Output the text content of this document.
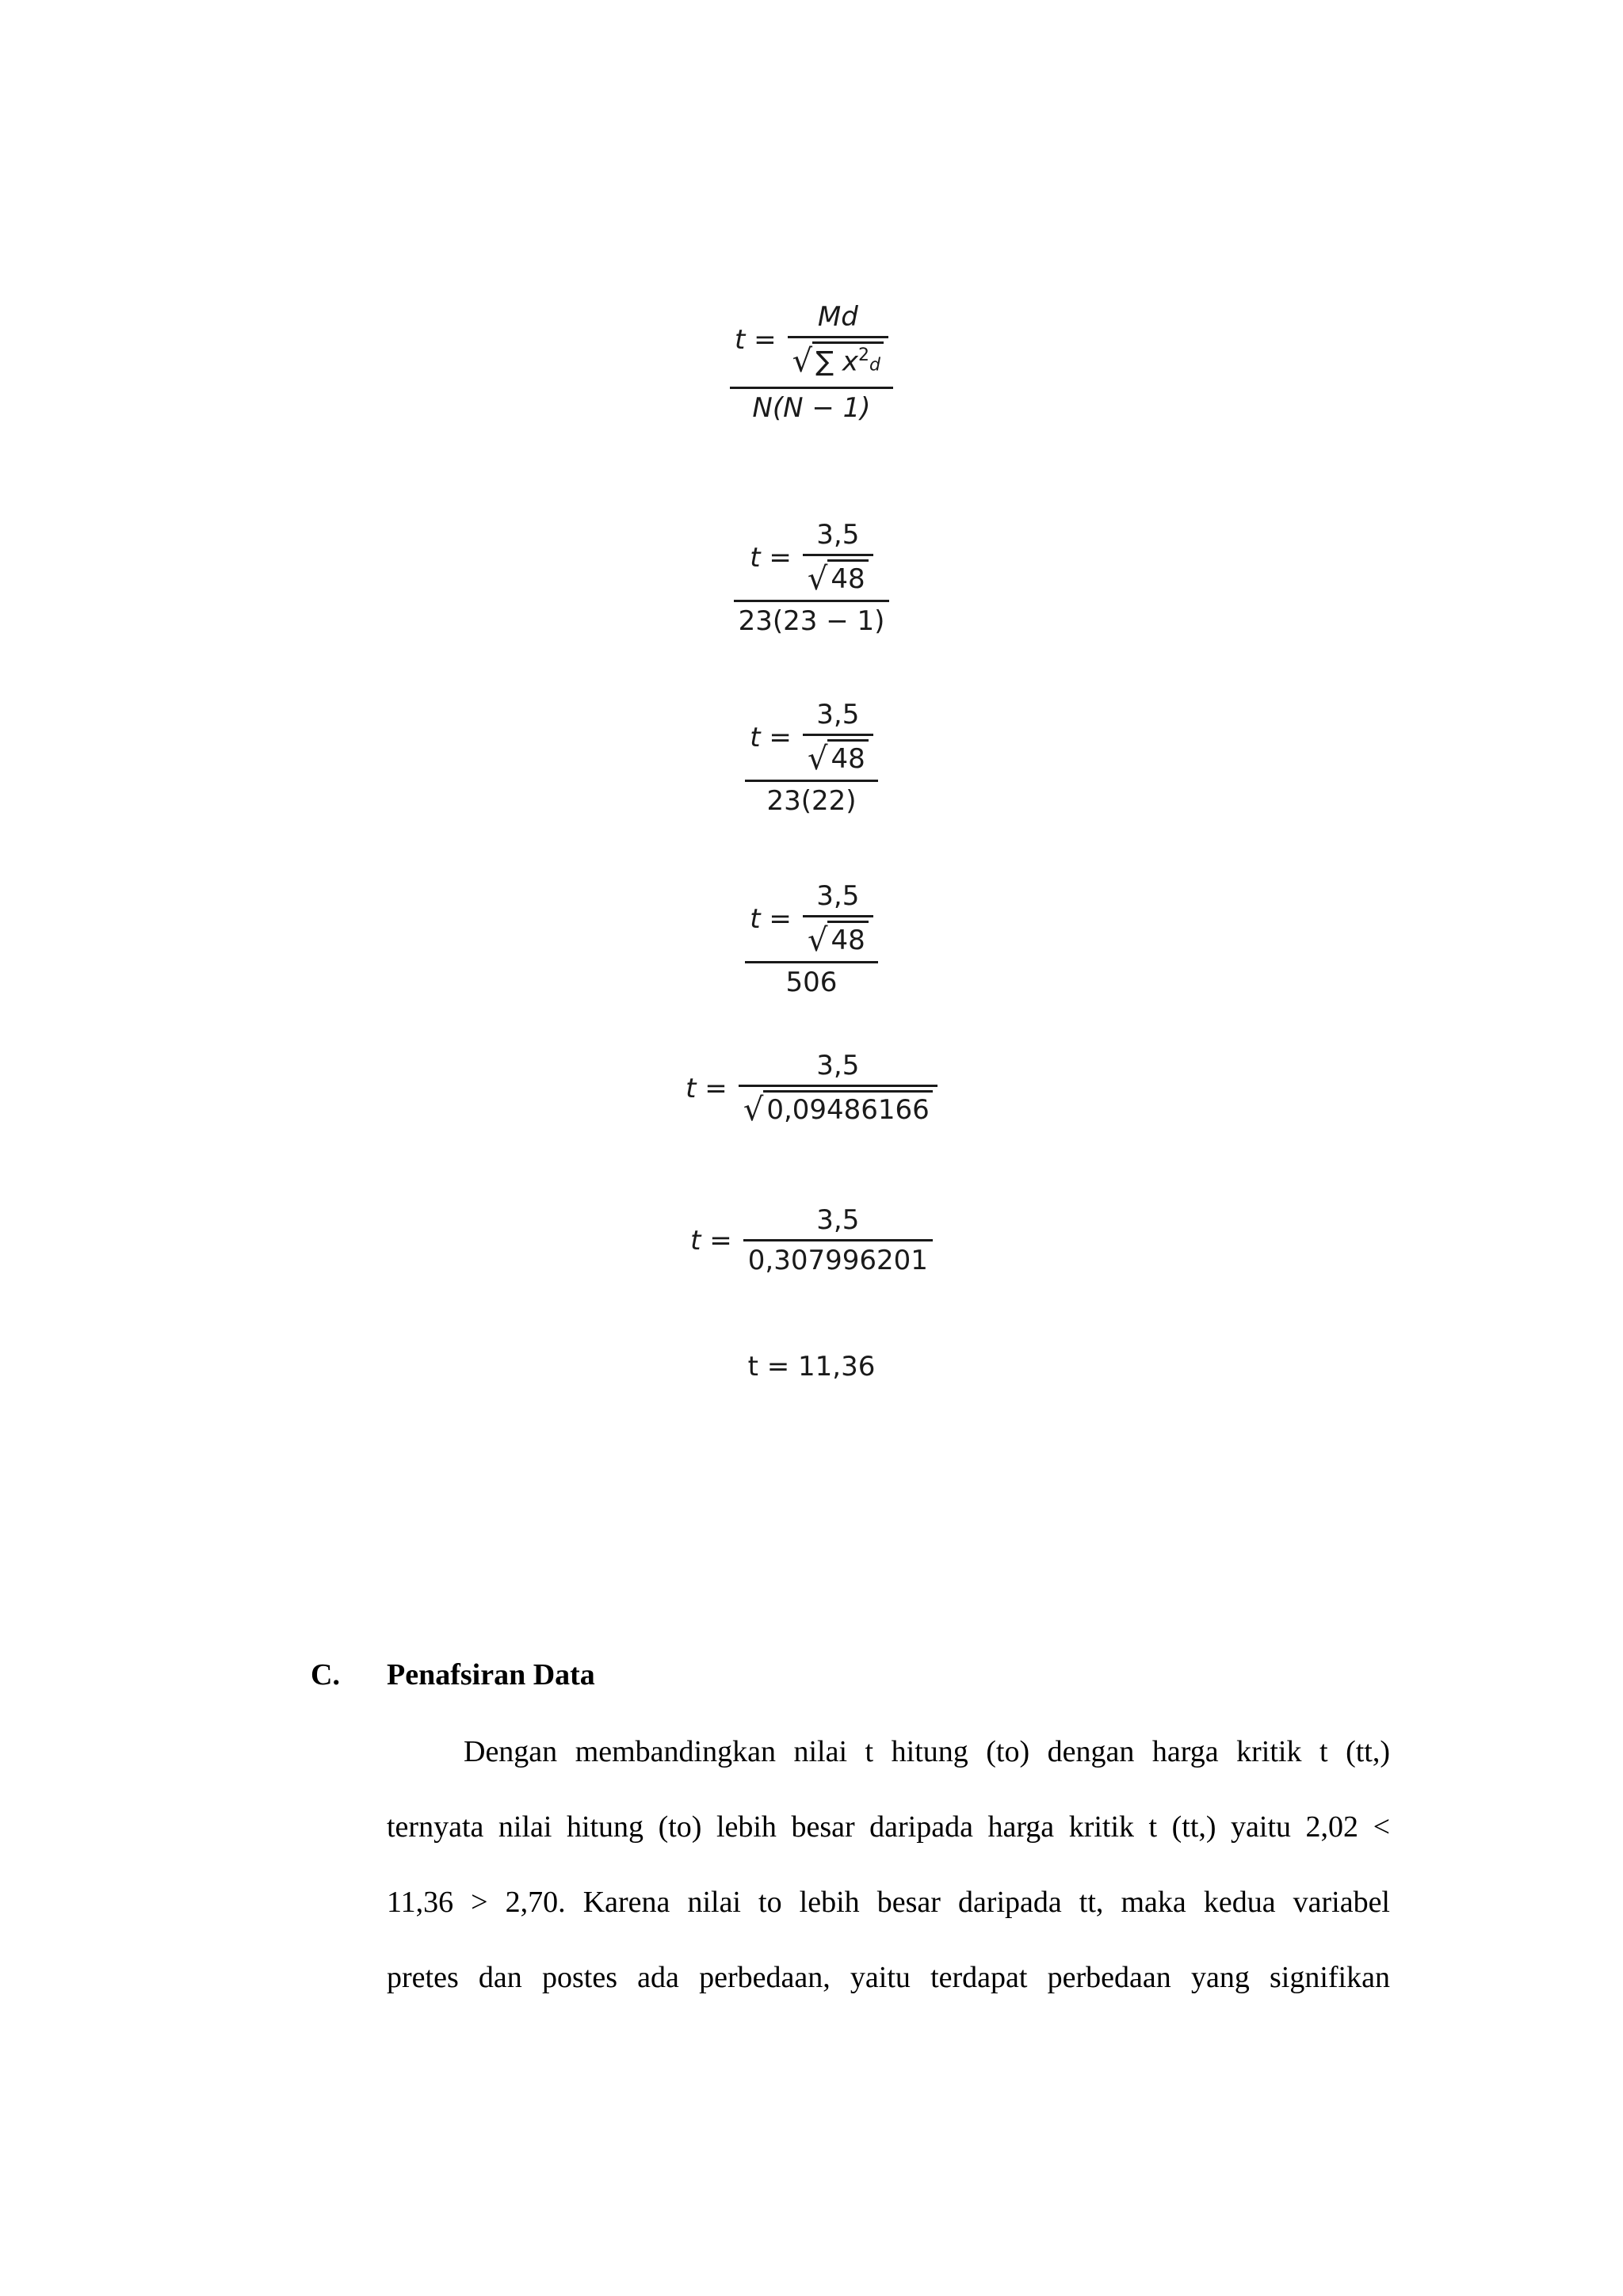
$t = \frac{Md}{√ \sum x^2d}$
N(N − 1)
$\frac{t = \frac{3,5}{√ 48}}{23(23 - 1)}$
$\frac{t = \frac{3,5}{√ 48}}{23(22)}$
$\frac{t = \frac{3,5}{√ 48}}{506}$
$t = \frac{3,5}{√ 0,09486166}$
$t = \frac{3,5}{0,307996201}$
t = 11,36
C. Penafsiran Data
Dengan membandingkan nilai t hitung (to) dengan harga kritik t (tt,)
ternyata nilai hitung (to) lebih besar daripada harga kritik t (tt,) yaitu 2,02 <
11,36 > 2,70. Karena nilai to lebih besar daripada tt, maka kedua variabel
pretes dan postes ada perbedaan, yaitu terdapat perbedaan yang signifikan
